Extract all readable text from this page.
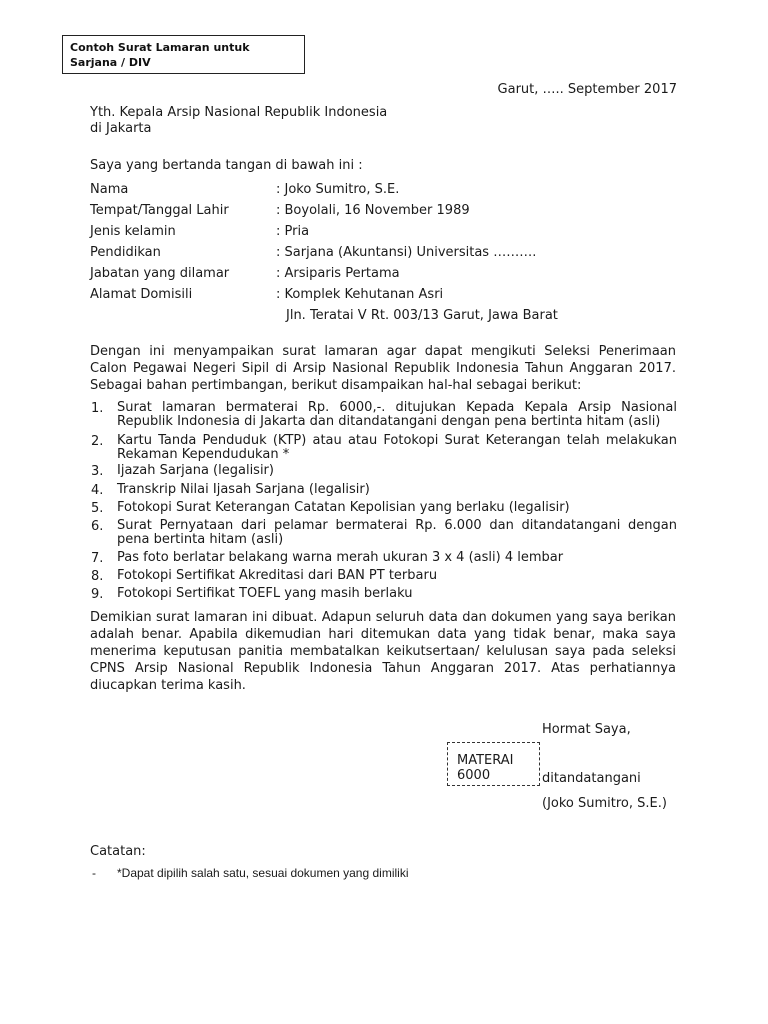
Contoh Surat Lamaran untuk Sarjana / DIV
Garut, ….. September 2017
Yth. Kepala Arsip Nasional Republik Indonesia
di Jakarta
Saya yang bertanda tangan di bawah ini :
Nama	: Joko Sumitro, S.E.
Tempat/Tanggal Lahir	: Boyolali, 16 November 1989
Jenis kelamin	: Pria
Pendidikan	: Sarjana (Akuntansi) Universitas ……….
Jabatan yang dilamar	: Arsiparis Pertama
Alamat Domisili	: Komplek Kehutanan Asri
Jln. Teratai V Rt. 003/13 Garut, Jawa Barat
Dengan ini menyampaikan surat lamaran agar dapat mengikuti Seleksi Penerimaan Calon Pegawai Negeri Sipil di Arsip Nasional Republik Indonesia Tahun Anggaran 2017. Sebagai bahan pertimbangan, berikut disampaikan hal-hal sebagai berikut:
1.	Surat lamaran bermaterai Rp. 6000,-. ditujukan Kepada Kepala Arsip Nasional Republik Indonesia di Jakarta dan ditandatangani dengan pena bertinta hitam (asli)
2.	Kartu Tanda Penduduk (KTP) atau atau Fotokopi Surat Keterangan telah melakukan Rekaman Kependudukan *
3.	Ijazah Sarjana (legalisir)
4.	Transkrip Nilai Ijasah Sarjana (legalisir)
5.	Fotokopi Surat Keterangan Catatan Kepolisian yang berlaku (legalisir)
6.	Surat Pernyataan dari pelamar bermaterai Rp. 6.000 dan ditandatangani dengan pena bertinta hitam (asli)
7.	Pas foto berlatar belakang warna merah ukuran 3 x 4 (asli) 4 lembar
8.	Fotokopi Sertifikat Akreditasi dari BAN PT terbaru
9.	Fotokopi Sertifikat TOEFL yang masih berlaku
Demikian surat lamaran ini dibuat. Adapun seluruh data dan dokumen yang saya berikan adalah benar. Apabila dikemudian hari ditemukan data yang tidak benar, maka saya menerima keputusan panitia membatalkan keikutsertaan/ kelulusan saya pada seleksi CPNS Arsip Nasional Republik Indonesia Tahun Anggaran 2017. Atas perhatiannya diucapkan terima kasih.
Hormat Saya,
MATERAI 6000	ditandatangani
(Joko Sumitro, S.E.)
Catatan:
- *Dapat dipilih salah satu, sesuai dokumen yang dimiliki
